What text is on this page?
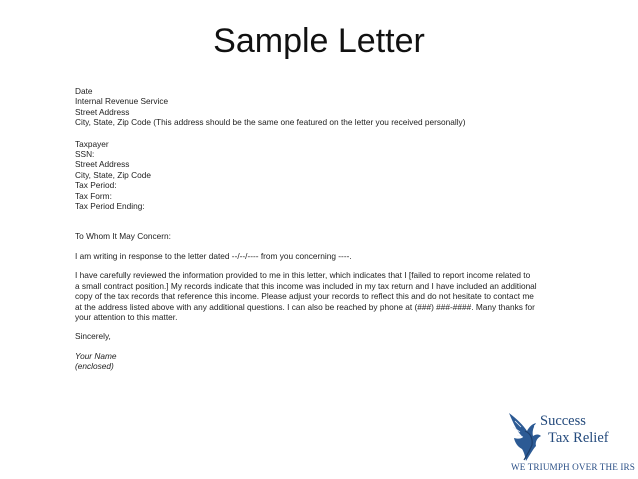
Sample Letter
Date
Internal Revenue Service
Street Address
City, State, Zip Code (This address should be the same one featured on the letter you received personally)
Taxpayer
SSN:
Street Address
City, State, Zip Code
Tax Period:
Tax Form:
Tax Period Ending:
To Whom It May Concern:
I am writing in response to the letter dated --/--/---- from you concerning ----.
I have carefully reviewed the information provided to me in this letter, which indicates that I [failed to report income related to
a small contract position.] My records indicate that this income was included in my tax return and I have included an additional
copy of the tax records that reference this income. Please adjust your records to reflect this and do not hesitate to contact me
at the address listed above with any additional questions. I can also be reached by phone at (###) ###-####. Many thanks for
your attention to this matter.
Sincerely,
Your Name
(enclosed)
Success
Tax Relief
WE TRIUMPH OVER THE IRS
